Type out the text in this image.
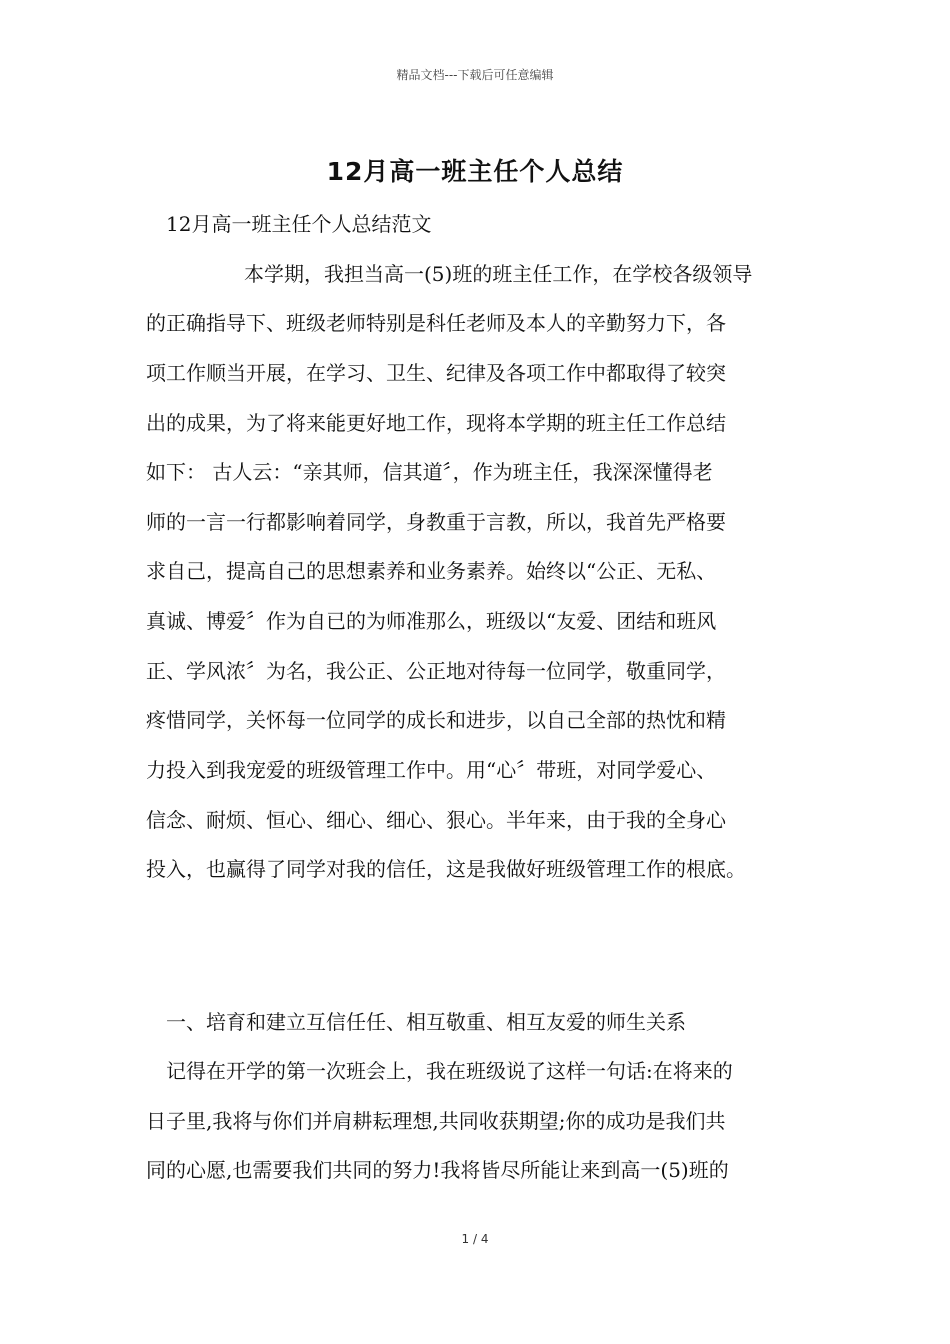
精品文档---下载后可任意编辑
12月高一班主任个人总结
12月高一班主任个人总结范文
本学期，我担当高一(5)班的班主任工作，在学校各级领导
的正确指导下、班级老师特别是科任老师及本人的辛勤努力下，各
项工作顺当开展，在学习、卫生、纪律及各项工作中都取得了较突
出的成果，为了将来能更好地工作，现将本学期的班主任工作总结
如下： 古人云：“亲其师，信其道〞，作为班主任，我深深懂得老
师的一言一行都影响着同学，身教重于言教，所以，我首先严格要
求自己，提高自己的思想素养和业务素养。始终以“公正、无私、
真诚、博爱〞作为自已的为师准那么，班级以“友爱、团结和班风
正、学风浓〞为名，我公正、公正地对待每一位同学，敬重同学，
疼惜同学，关怀每一位同学的成长和进步，以自己全部的热忱和精
力投入到我宠爱的班级管理工作中。用“心〞带班，对同学爱心、
信念、耐烦、恒心、细心、细心、狠心。半年来，由于我的全身心
投入，也赢得了同学对我的信任，这是我做好班级管理工作的根底。
一、培育和建立互信任任、相互敬重、相互友爱的师生关系
记得在开学的第一次班会上，我在班级说了这样一句话:在将来的
日子里,我将与你们并肩耕耘理想,共同收获期望;你的成功是我们共
同的心愿,也需要我们共同的努力!我将皆尽所能让来到高一(5)班的
1 / 4
